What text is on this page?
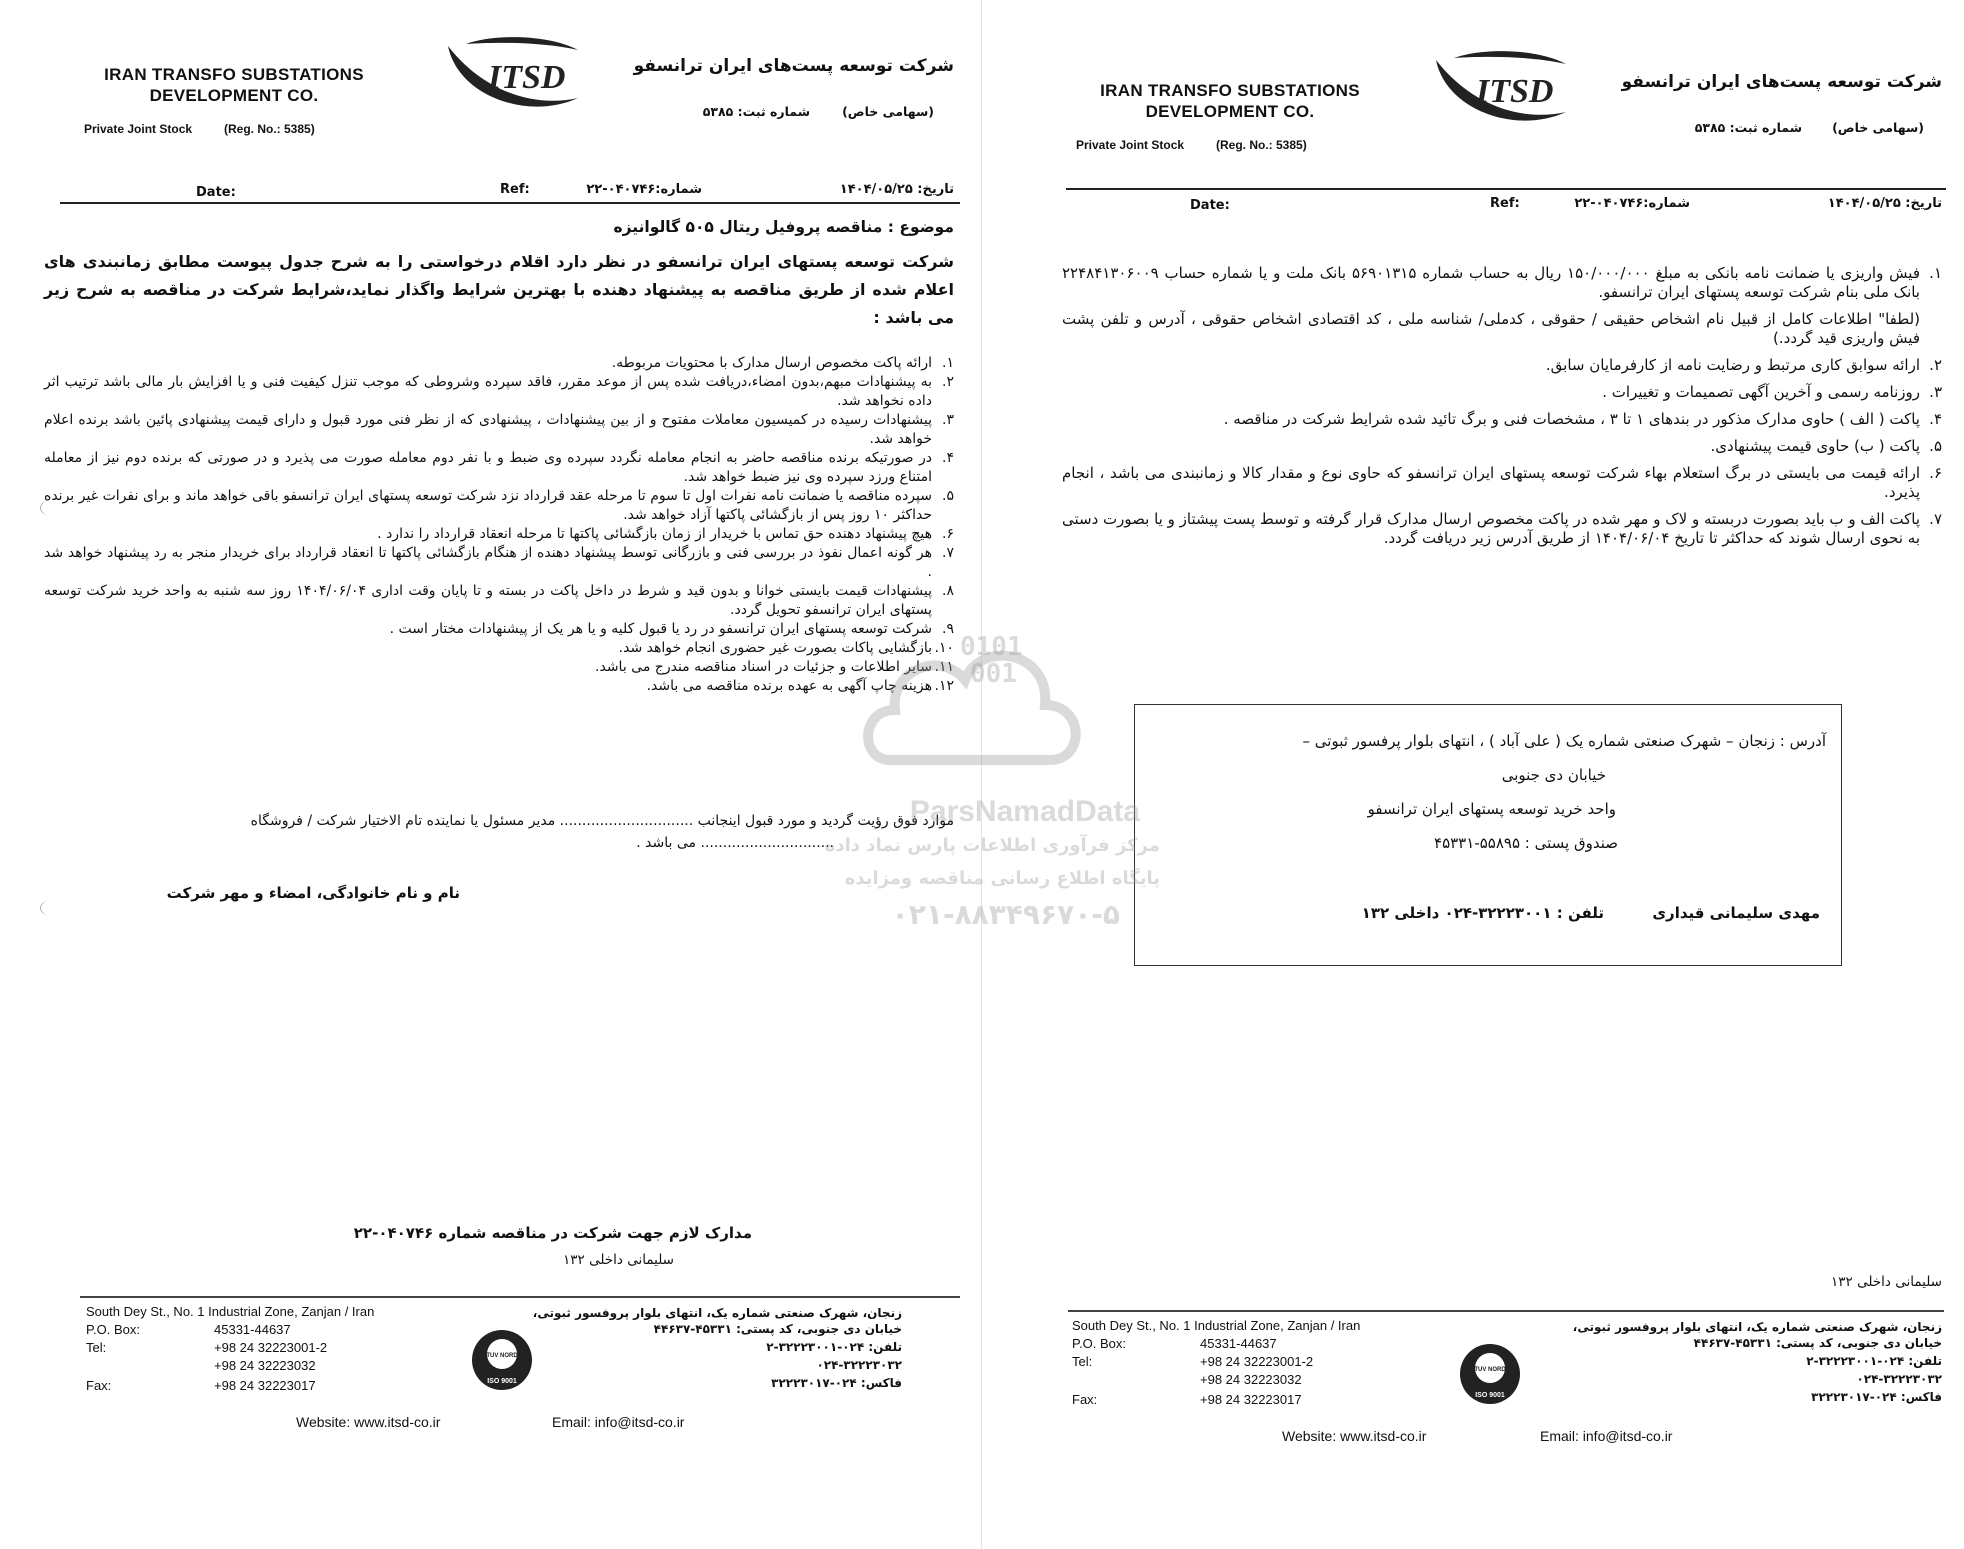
IRAN TRANSFO SUBSTATIONS
DEVELOPMENT CO.
Private Joint Stock	(Reg. No.: 5385)
ITSD	شرکت توسعه پست‌های ایران ترانسفو
(سهامی خاص)
شماره ثبت: ۵۳۸۵
Date:	Ref:	شماره:۰۴۰۷۴۶-۲۲	تاریخ: ۱۴۰۴/۰۵/۲۵
موضوع : مناقصه پروفیل ریتال ۵۰۵ گالوانیزه
شرکت توسعه پستهای ایران ترانسفو در نظر دارد اقلام درخواستی را به شرح جدول پیوست مطابق زمانبندی های اعلام شده از طریق مناقصه به پیشنهاد دهنده با بهترین شرایط واگذار نماید،شرایط شرکت در مناقصه به شرح زیر می باشد :
۱.
ارائه پاکت مخصوص ارسال مدارک با محتویات مربوطه.
۲.
به پیشنهادات مبهم،بدون امضاء،دریافت شده پس از موعد مقرر، فاقد سپرده وشروطی که موجب تنزل کیفیت فنی و یا افزایش بار مالی باشد ترتیب اثر داده نخواهد شد.
۳.
پیشنهادات رسیده در کمیسیون معاملات مفتوح و از بین پیشنهادات ، پیشنهادی که از نظر فنی مورد قبول و دارای قیمت پیشنهادی پائین باشد برنده اعلام خواهد شد.
۴.
در صورتیکه برنده مناقصه حاضر به انجام معامله نگردد سپرده وی ضبط و با نفر دوم معامله صورت می پذیرد و در صورتی که برنده دوم نیز از معامله امتناع ورزد سپرده وی نیز ضبط خواهد شد.
۵.
سپرده مناقصه یا ضمانت نامه نفرات اول تا سوم تا مرحله عقد قرارداد نزد شرکت توسعه پستهای ایران ترانسفو باقی خواهد ماند و برای نفرات غیر برنده حداکثر ۱۰ روز پس از بازگشائی پاکتها آزاد خواهد شد.
۶.
هیچ پیشنهاد دهنده حق تماس با خریدار از زمان بازگشائی پاکتها تا مرحله انعقاد قرارداد را ندارد .
۷.
هر گونه اعمال نفوذ در بررسی فنی و بازرگانی توسط پیشنهاد دهنده از هنگام بازگشائی پاکتها تا انعقاد قرارداد برای خریدار منجر به رد پیشنهاد خواهد شد .
۸.
پیشنهادات قیمت بایستی خوانا و بدون قید و شرط در داخل پاکت در بسته و تا پایان وقت اداری ۱۴۰۴/۰۶/۰۴ روز سه شنبه به واحد خرید شرکت توسعه پستهای ایران ترانسفو تحویل گردد.
۹.
شرکت توسعه پستهای ایران ترانسفو در رد یا قبول کلیه و یا هر یک از پیشنهادات مختار است .
۱۰.
بازگشایی پاکات بصورت غیر حضوری انجام خواهد شد.
۱۱.
سایر اطلاعات و جزئیات در اسناد مناقصه مندرج می باشد.
۱۲.
هزینه چاپ آگهی به عهده برنده مناقصه می باشد.
موارد فوق رؤیت گردید و مورد قبول اینجانب .............................. مدیر مسئول یا نماینده تام الاختیار شرکت / فروشگاه
.............................. می باشد .
نام و نام خانوادگی، امضاء و مهر شرکت
مدارک لازم جهت شرکت در مناقصه شماره ۰۴۰۷۴۶-۲۲
سلیمانی داخلی ۱۳۲
South Dey St., No. 1 Industrial Zone, Zanjan / Iran
P.O. Box:	45331-44637
Tel:	+98 24 32223001-2
+98 24 32223032
Fax:	+98 24 32223017
Website: www.itsd-co.ir	Email: info@itsd-co.ir
زنجان، شهرک صنعتی شماره یک، انتهای بلوار پروفسور ثبوتی،
خیابان دی جنوبی، کد پستی: ۴۵۳۳۱-۴۴۶۳۷
تلفن: ۰۲۴-۳۲۲۲۳۰۰۱-۲
۰۲۴-۳۲۲۲۳۰۳۲
فاکس: ۰۲۴-۳۲۲۲۳۰۱۷
TUV NORD
ISO 9001
IRAN TRANSFO SUBSTATIONS
DEVELOPMENT CO.
Private Joint Stock	(Reg. No.: 5385)
ITSD	شرکت توسعه پست‌های ایران ترانسفو
(سهامی خاص)
شماره ثبت: ۵۳۸۵
Date:	Ref:	شماره:۰۴۰۷۴۶-۲۲	تاریخ: ۱۴۰۴/۰۵/۲۵
۱.
فیش واریزی یا ضمانت نامه بانکی به مبلغ ۱۵۰/۰۰۰/۰۰۰ ریال به حساب شماره ۵۶۹۰۱۳۱۵ بانک ملت و یا شماره حساب ۲۲۴۸۴۱۳۰۶۰۰۹ بانک ملی بنام شرکت توسعه پستهای ایران ترانسفو.
(لطفا" اطلاعات کامل از قبیل نام اشخاص حقیقی / حقوقی ، کدملی/ شناسه ملی ، کد اقتصادی اشخاص حقوقی ، آدرس و تلفن پشت فیش واریزی قید گردد.)
۲.
ارائه سوابق کاری مرتبط و رضایت نامه از کارفرمایان سابق.
۳.
روزنامه رسمی و آخرین آگهی تصمیمات و تغییرات .
۴.
پاکت ( الف ) حاوی مدارک مذکور در بندهای ۱ تا ۳ ، مشخصات فنی و برگ تائید شده شرایط شرکت در مناقصه .
۵.
پاکت ( ب) حاوی قیمت پیشنهادی.
۶.
ارائه قیمت می بایستی در برگ استعلام بهاء شرکت توسعه پستهای ایران ترانسفو که حاوی نوع و مقدار کالا و زمانبندی می باشد ، انجام پذیرد.
۷.
پاکت الف و ب باید بصورت دربسته و لاک و مهر شده در پاکت مخصوص ارسال مدارک قرار گرفته و توسط پست پیشتاز و یا بصورت دستی به نحوی ارسال شوند که حداکثر تا تاریخ ۱۴۰۴/۰۶/۰۴ از طریق آدرس زیر دریافت گردد.
آدرس : زنجان – شهرک صنعتی شماره یک ( علی آباد ) ، انتهای بلوار پرفسور ثبوتی –
خیابان دی جنوبی
واحد خرید توسعه پستهای ایران ترانسفو
صندوق پستی : ۵۵۸۹۵-۴۵۳۳۱
مهدی سلیمانی قیداری
تلفن : ۳۲۲۲۳۰۰۱-۰۲۴ داخلی ۱۳۲
سلیمانی داخلی ۱۳۲
South Dey St., No. 1 Industrial Zone, Zanjan / Iran
P.O. Box:	45331-44637
Tel:	+98 24 32223001-2
+98 24 32223032
Fax:	+98 24 32223017
Website: www.itsd-co.ir	Email: info@itsd-co.ir
زنجان، شهرک صنعتی شماره یک، انتهای بلوار پروفسور ثبوتی،
خیابان دی جنوبی، کد پستی: ۴۵۳۳۱-۴۴۶۳۷
تلفن: ۰۲۴-۳۲۲۲۳۰۰۱-۲
۰۲۴-۳۲۲۲۳۰۳۲
فاکس: ۰۲۴-۳۲۲۲۳۰۱۷
TUV NORD
ISO 9001
0101
001
ParsNamadData
مرکز فرآوری اطلاعات پارس نماد داده
پایگاه اطلاع رسانی مناقصه ومزایده
۰۲۱-۸۸۳۴۹۶۷۰-۵
